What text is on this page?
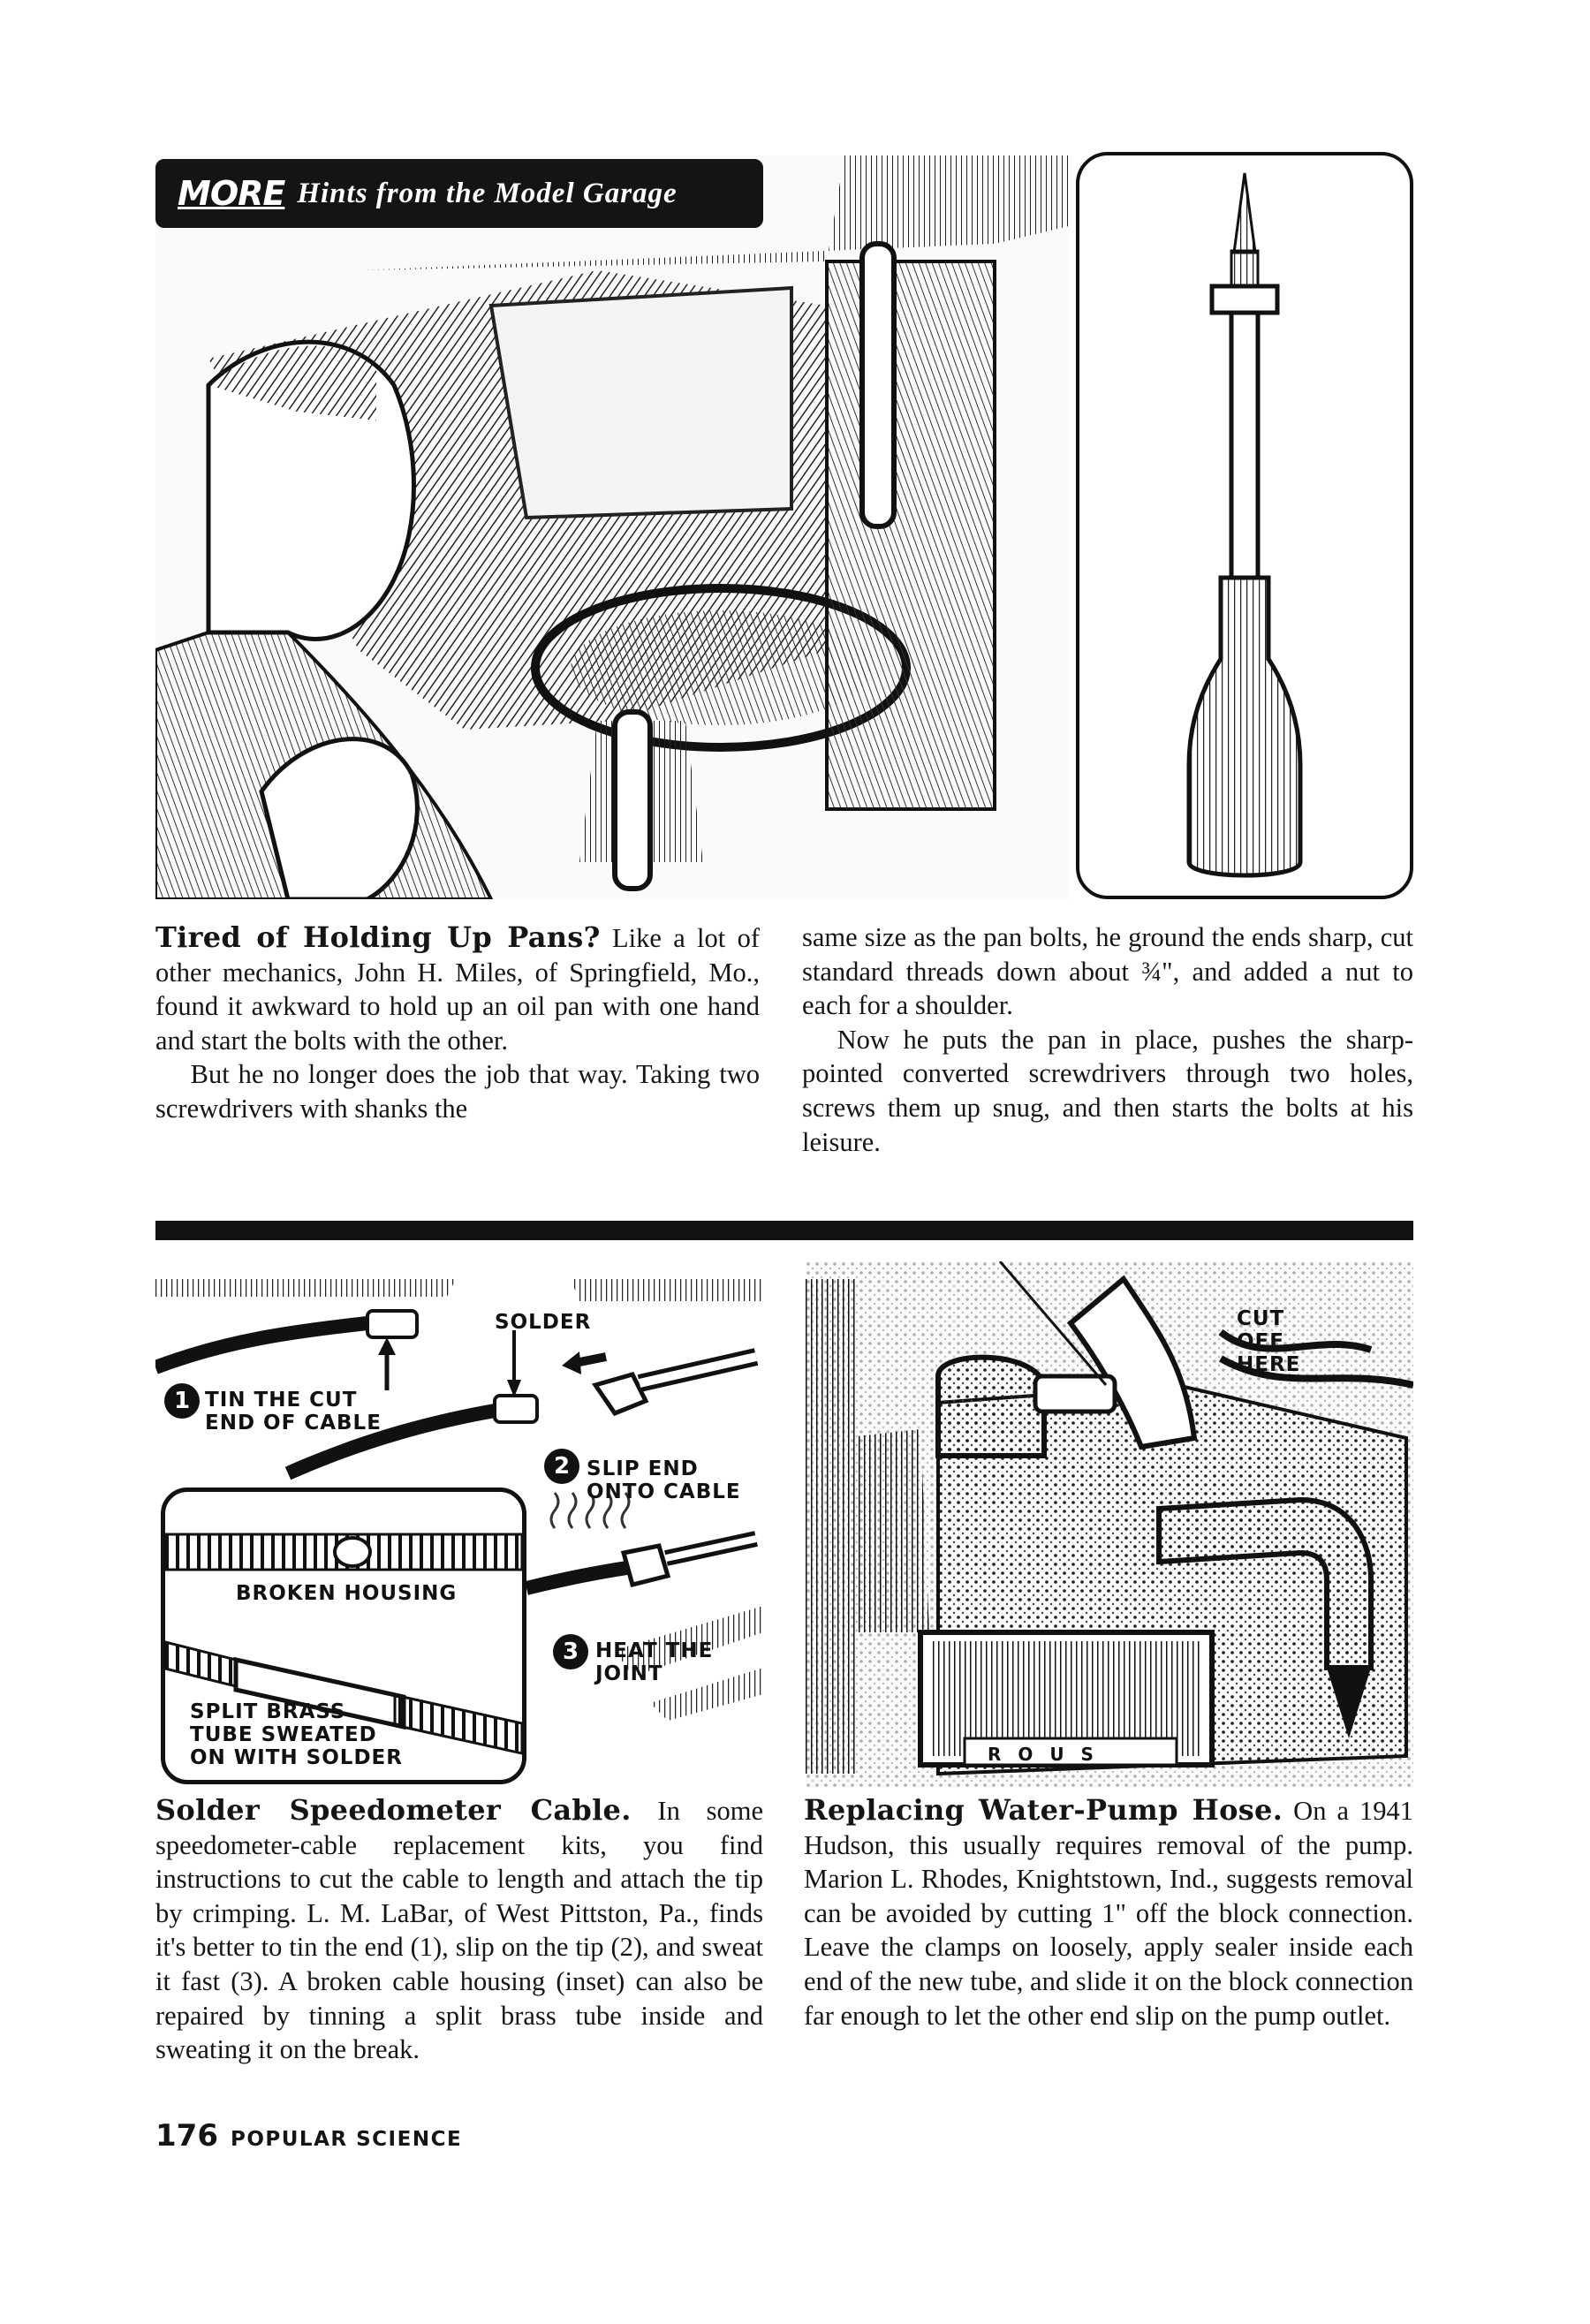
MORE Hints from the Model Garage

Tired of Holding Up Pans? Like a lot of other mechanics, John H. Miles, of Springfield, Mo., found it awkward to hold up an oil pan with one hand and start the bolts with the other.

But he no longer does the job that way. Taking two screwdrivers with shanks the

same size as the pan bolts, he ground the ends sharp, cut standard threads down about ¾", and added a nut to each for a shoulder.

Now he puts the pan in place, pushes the sharp-pointed converted screwdrivers through two holes, screws them up snug, and then starts the bolts at his leisure.

SOLDER
1 TIN THE CUT
END OF CABLE
2 SLIP END
ONTO CABLE
3 HEAT THE
JOINT
BROKEN HOUSING
SPLIT BRASS
TUBE SWEATED
ON WITH SOLDER
CUT
OFF
HERE
R O U S

Solder Speedometer Cable. In some speedometer-cable replacement kits, you find instructions to cut the cable to length and attach the tip by crimping. L. M. LaBar, of West Pittston, Pa., finds it's better to tin the end (1), slip on the tip (2), and sweat it fast (3). A broken cable housing (inset) can also be repaired by tinning a split brass tube inside and sweating it on the break.

Replacing Water-Pump Hose. On a 1941 Hudson, this usually requires removal of the pump. Marion L. Rhodes, Knightstown, Ind., suggests removal can be avoided by cutting 1" off the block connection. Leave the clamps on loosely, apply sealer inside each end of the new tube, and slide it on the block connection far enough to let the other end slip on the pump outlet.

176 POPULAR SCIENCE
